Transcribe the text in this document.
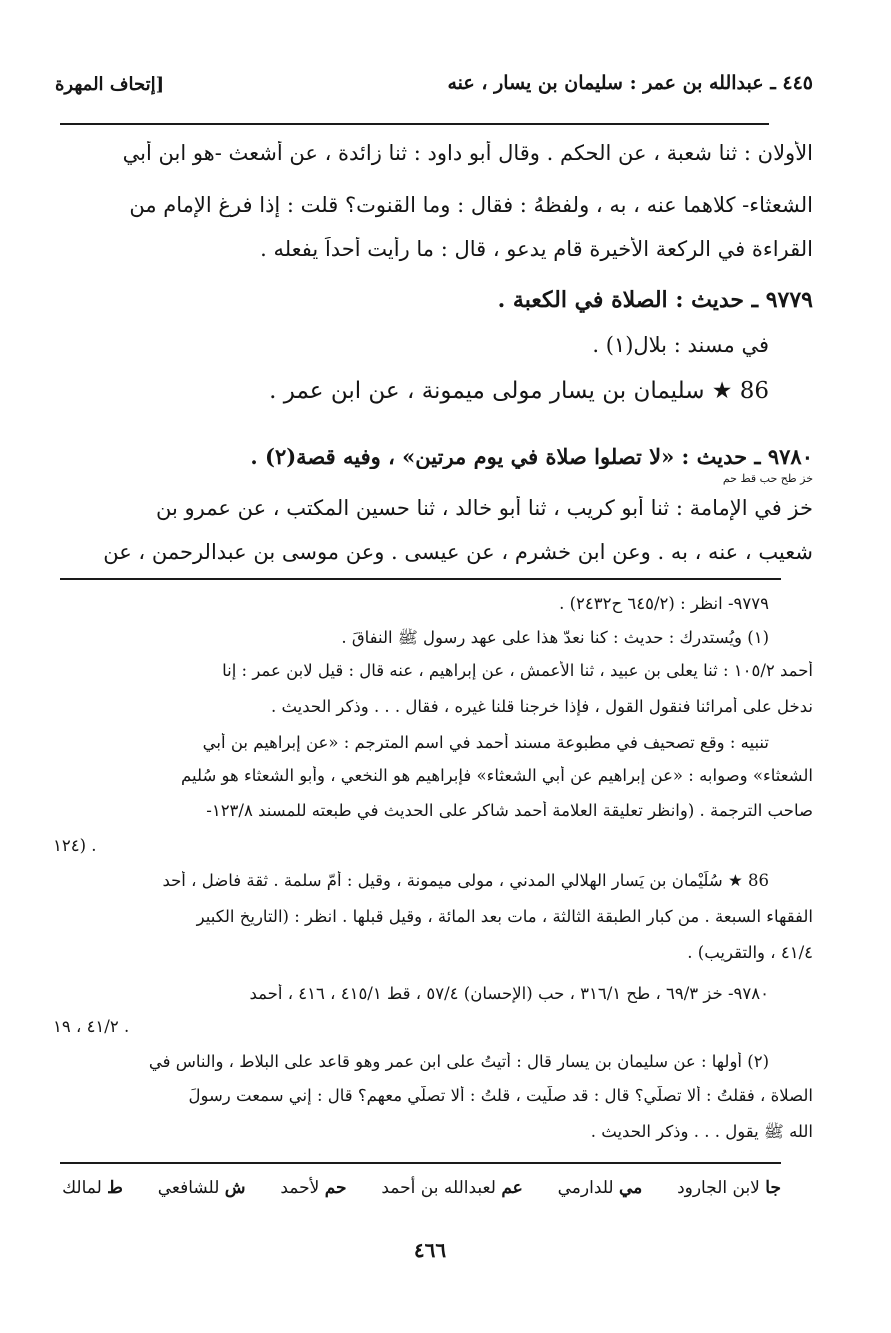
٤٤٥ ـ عبدالله بن عمر : سليمان بن يسار ، عنه
[إتحاف المهرة
الأولان : ثنا شعبة ، عن الحكم . وقال أبو داود : ثنا زائدة ، عن أشعث -هو ابن أبي
الشعثاء- كلاهما عنه ، به ، ولفظهُ : فقال : وما القنوت؟ قلت : إذا فرغ الإمام من
القراءة في الركعة الأخيرة قام يدعو ، قال : ما رأيت أحداً يفعله .
٩٧٧٩ ـ حديث : الصلاة في الكعبة .
في مسند : بلال(١) .
86 ★ سليمان بن يسار مولى ميمونة ، عن ابن عمر .
٩٧٨٠ ـ حديث : «لا تصلوا صلاة في يوم مرتين» ، وفيه قصة(٢) .
خز طح حب قط حم
خز في الإمامة : ثنا أبو كريب ، ثنا أبو خالد ، ثنا حسين المكتب ، عن عمرو بن
شعيب ، عنه ، به . وعن ابن خشرم ، عن عيسى . وعن موسى بن عبدالرحمن ، عن
٩٧٧٩- انظر : (٦٤٥/٢ ح٢٤٣٢) .
(١) ويُستدرك : حديث : كنا نعدّ هذا على عهد رسول ﷺ النفاقَ .
أحمد ١٠٥/٢ : ثنا يعلى بن عبيد ، ثنا الأعمش ، عن إبراهيم ، عنه قال : قيل لابن عمر : إنا
ندخل على أمرائنا فنقول القول ، فإذا خرجنا قلنا غيره ، فقال . . . وذكر الحديث .
تنبيه : وقع تصحيف في مطبوعة مسند أحمد في اسم المترجم : «عن إبراهيم بن أبي
الشعثاء» وصوابه : «عن إبراهيم عن أبي الشعثاء» فإبراهيم هو النخعي ، وأبو الشعثاء هو سُليم
صاحب الترجمة . (وانظر تعليقة العلامة أحمد شاكر على الحديث في طبعته للمسند ١٢٣/٨-
١٢٤) .
86 ★ سُلَيْمان بن يَسار الهلالي المدني ، مولى ميمونة ، وقيل : أمّ سلمة . ثقة فاضل ، أحد
الفقهاء السبعة . من كبار الطبقة الثالثة ، مات بعد المائة ، وقيل قبلها . انظر : (التاريخ الكبير
٤١/٤ ، والتقريب) .
٩٧٨٠- خز ٦٩/٣ ، طح ٣١٦/١ ، حب (الإحسان) ٥٧/٤ ، قط ٤١٥/١ ، ٤١٦ ، أحمد
٤١/٢ ، ١٩ .
(٢) أولها : عن سليمان بن يسار قال : أتيتُ على ابن عمر وهو قاعد على البلاط ، والناس في
الصلاة ، فقلتُ : ألا تصلّي؟ قال : قد صلّيت ، قلتُ : ألا تصلّي معهم؟ قال : إني سمعت رسولَ
الله ﷺ يقول . . . وذكر الحديث .
ط لمالك	ش للشافعي	حم لأحمد	عم لعبدالله بن أحمد	مي للدارمي	جا لابن الجارود
٤٦٦
